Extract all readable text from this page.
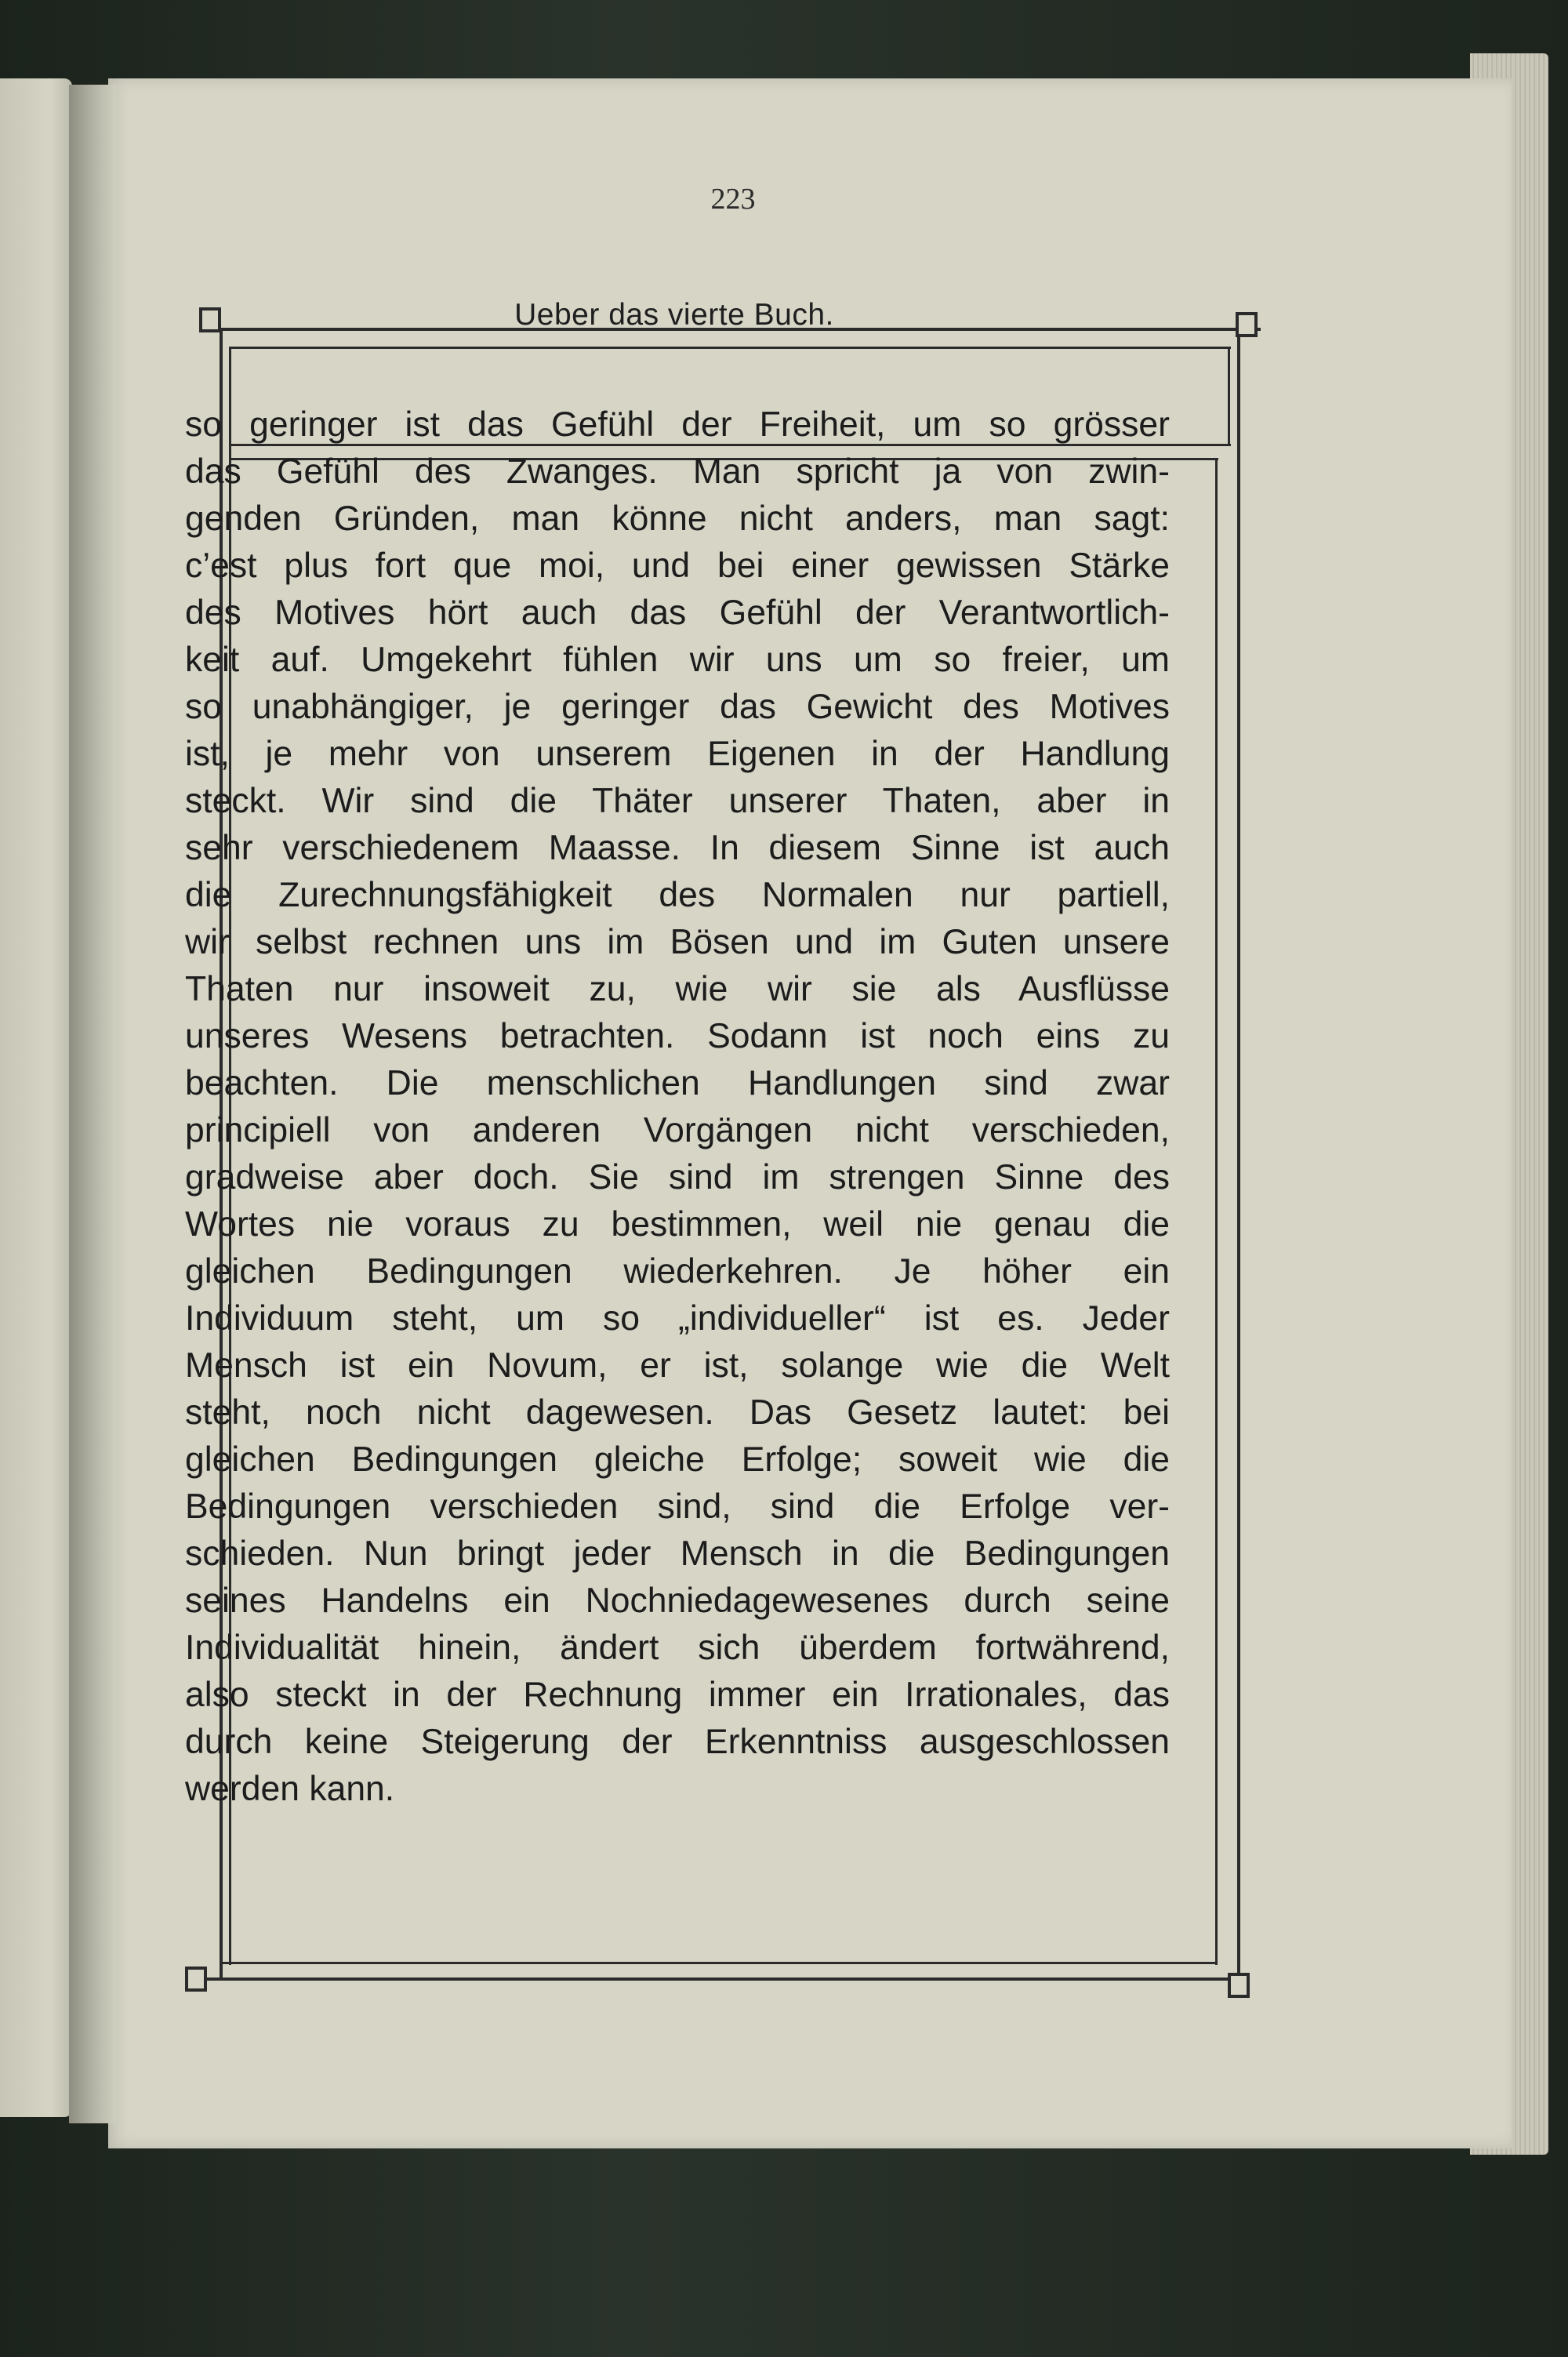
223
Ueber das vierte Buch.
so geringer ist das Gefühl der Freiheit, um so grösser
das Gefühl des Zwanges. Man spricht ja von zwin-
genden Gründen, man könne nicht anders, man sagt:
c’est plus fort que moi, und bei einer gewissen Stärke
des Motives hört auch das Gefühl der Verantwortlich-
keit auf. Umgekehrt fühlen wir uns um so freier, um
so unabhängiger, je geringer das Gewicht des Motives
ist, je mehr von unserem Eigenen in der Handlung
steckt. Wir sind die Thäter unserer Thaten, aber in
sehr verschiedenem Maasse. In diesem Sinne ist auch
die Zurechnungsfähigkeit des Normalen nur partiell,
wir selbst rechnen uns im Bösen und im Guten unsere
Thaten nur insoweit zu, wie wir sie als Ausflüsse
unseres Wesens betrachten. Sodann ist noch eins zu
beachten. Die menschlichen Handlungen sind zwar
principiell von anderen Vorgängen nicht verschieden,
gradweise aber doch. Sie sind im strengen Sinne des
Wortes nie voraus zu bestimmen, weil nie genau die
gleichen Bedingungen wiederkehren. Je höher ein
Individuum steht, um so „individueller“ ist es. Jeder
Mensch ist ein Novum, er ist, solange wie die Welt
steht, noch nicht dagewesen. Das Gesetz lautet: bei
gleichen Bedingungen gleiche Erfolge; soweit wie die
Bedingungen verschieden sind, sind die Erfolge ver-
schieden. Nun bringt jeder Mensch in die Bedingungen
seines Handelns ein Nochniedagewesenes durch seine
Individualität hinein, ändert sich überdem fortwährend,
also steckt in der Rechnung immer ein Irrationales, das
durch keine Steigerung der Erkenntniss ausgeschlossen
werden kann.
